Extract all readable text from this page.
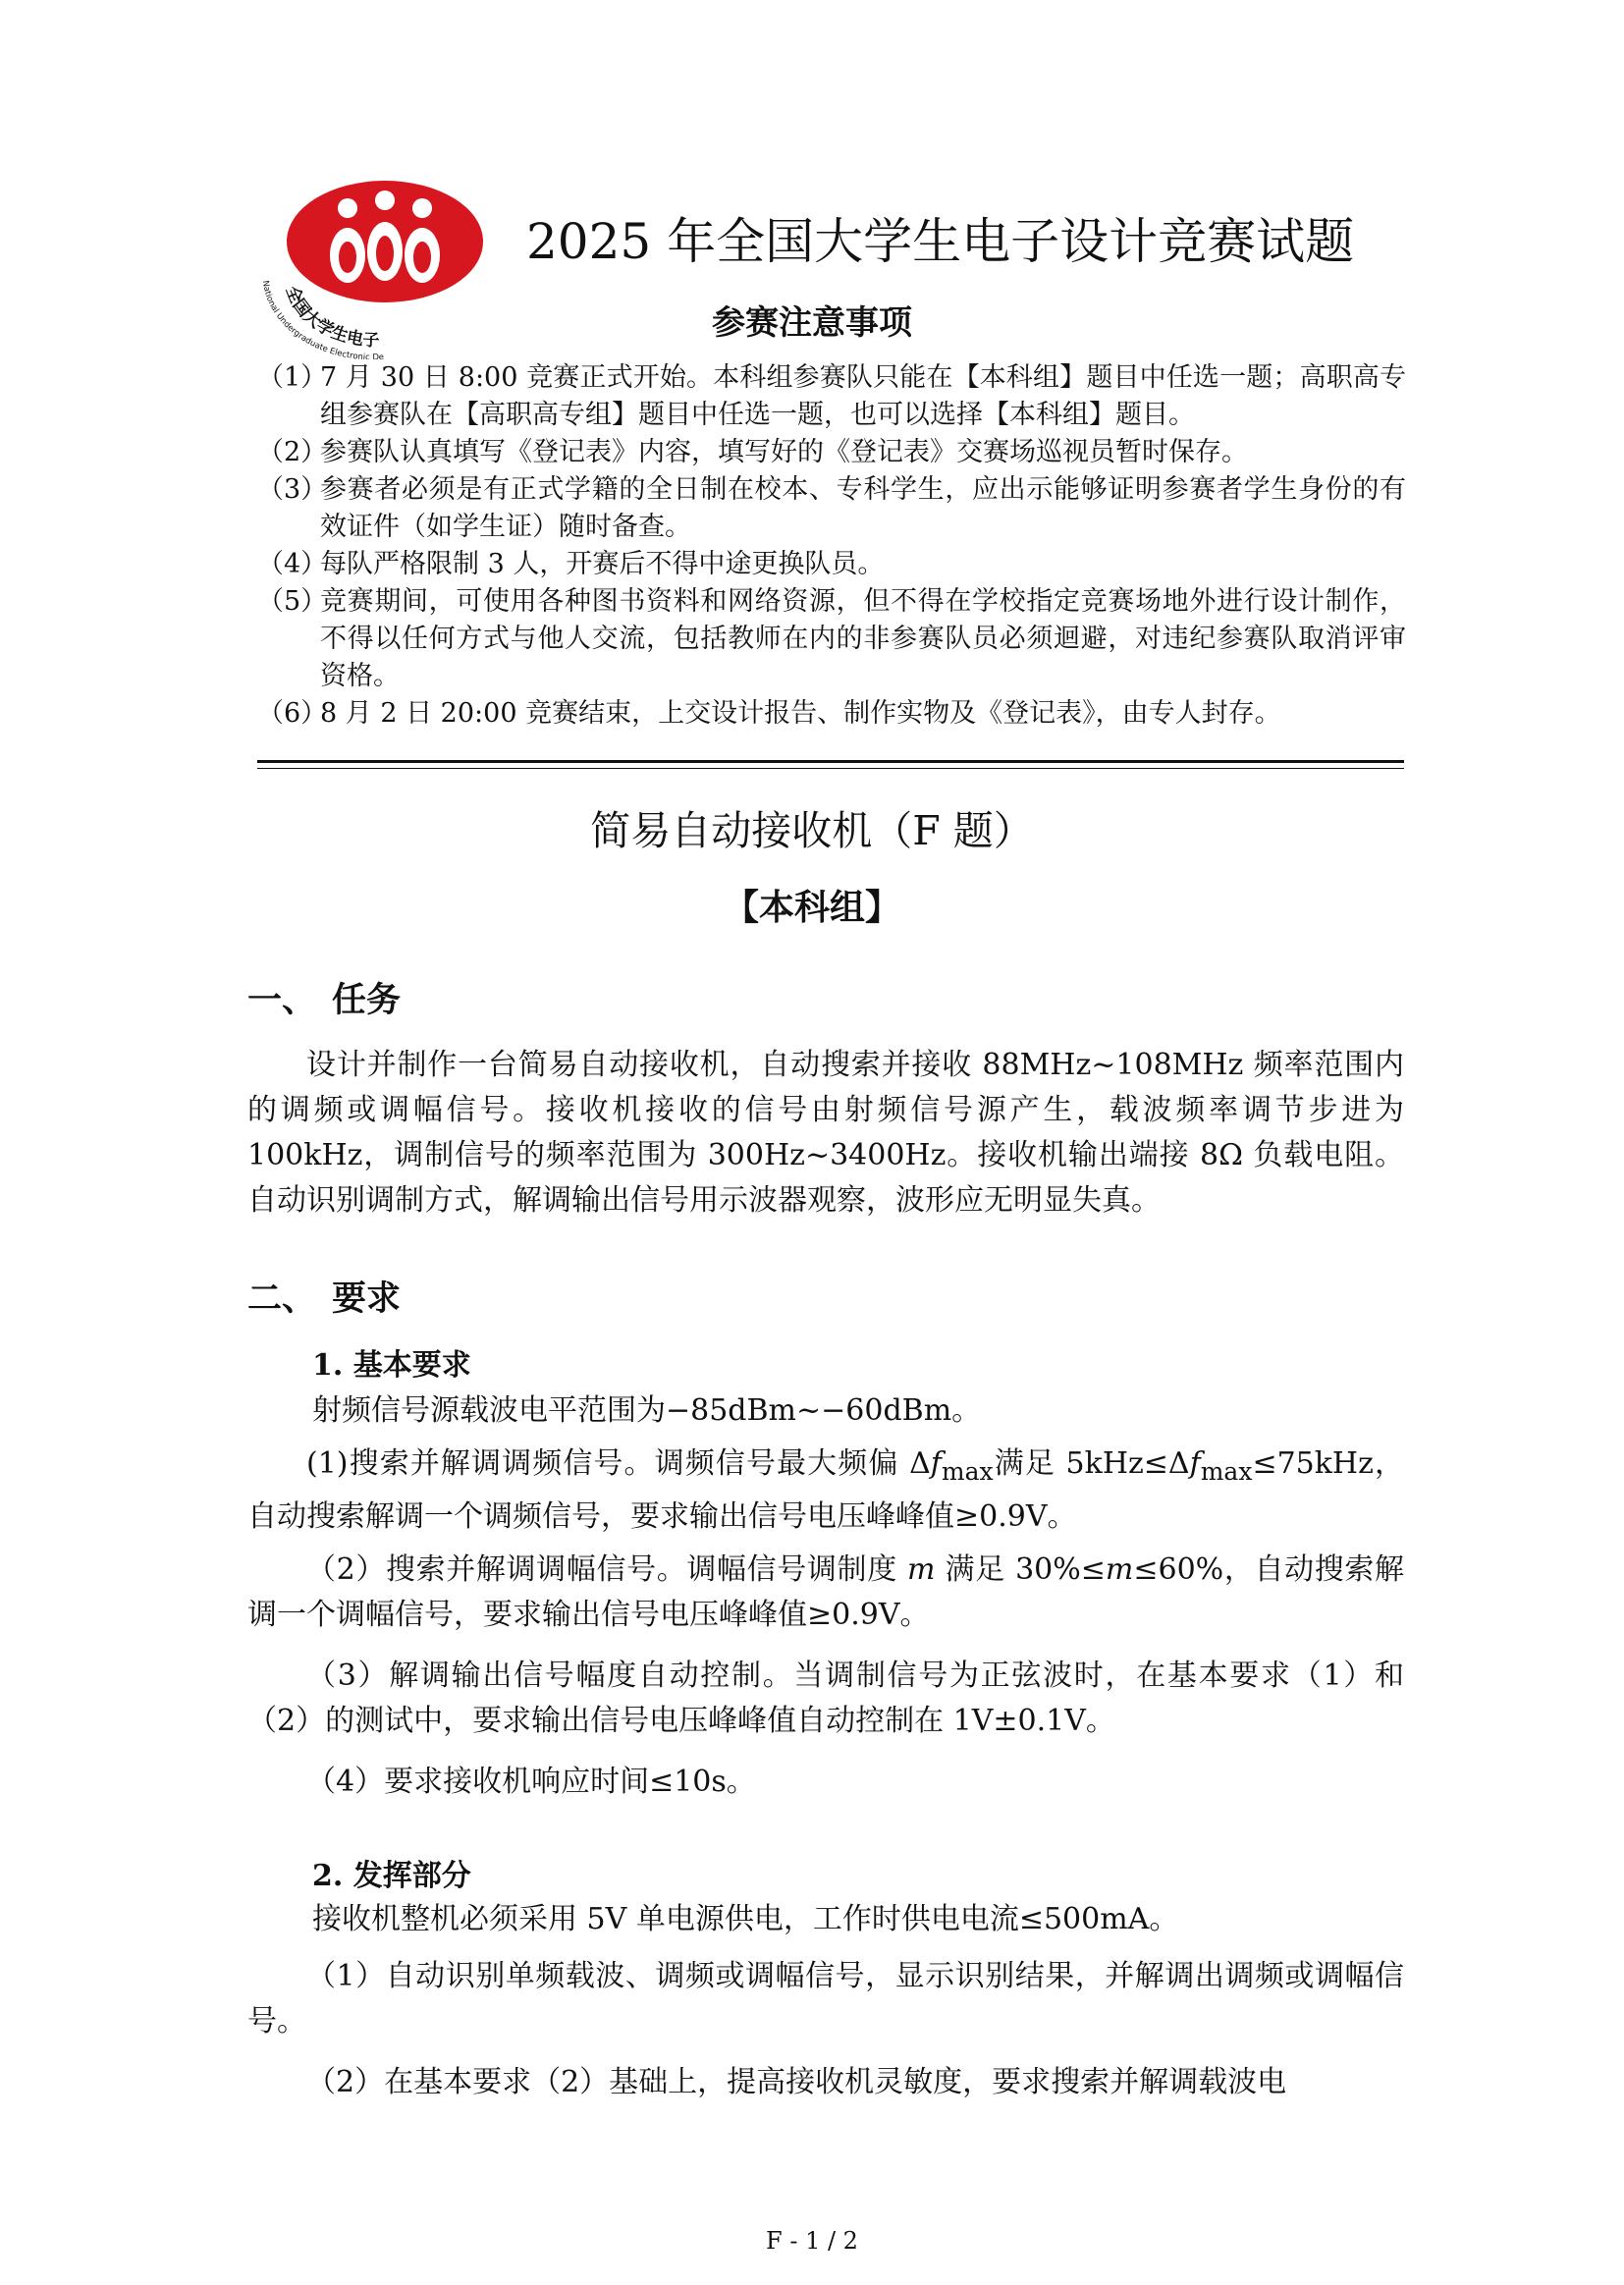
全国大学生电子
National Undergraduate Electronic De
2025 年全国大学生电子设计竞赛试题
参赛注意事项
（1）
7 月 30 日 8:00 竞赛正式开始。本科组参赛队只能在【本科组】题目中任选一题；高职高专组参赛队在【高职高专组】题目中任选一题，也可以选择【本科组】题目。
（2）
参赛队认真填写《登记表》内容，填写好的《登记表》交赛场巡视员暂时保存。
（3）
参赛者必须是有正式学籍的全日制在校本、专科学生，应出示能够证明参赛者学生身份的有效证件（如学生证）随时备查。
（4）
每队严格限制 3 人，开赛后不得中途更换队员。
（5）
竞赛期间，可使用各种图书资料和网络资源，但不得在学校指定竞赛场地外进行设计制作，不得以任何方式与他人交流，包括教师在内的非参赛队员必须迴避，对违纪参赛队取消评审资格。
（6）
8 月 2 日 20:00 竞赛结束，上交设计报告、制作实物及《登记表》，由专人封存。
简易自动接收机（F 题）
【本科组】
一、 任务

设计并制作一台简易自动接收机，自动搜索并接收 88MHz~108MHz 频率范围内的调频或调幅信号。接收机接收的信号由射频信号源产生，载波频率调节步进为 100kHz，调制信号的频率范围为 300Hz~3400Hz。接收机输出端接 8Ω 负载电阻。自动识别调制方式，解调输出信号用示波器观察，波形应无明显失真。

二、 要求
1. 基本要求

射频信号源载波电平范围为−85dBm~−60dBm。

(1)搜索并解调调频信号。调频信号最大频偏 $\Delta f_{max}$满足 $5kHz\le\Delta f_{max}\le 75kHz$，自动搜索解调一个调频信号，要求输出信号电压峰峰值≥0.9V。

（2）搜索并解调调幅信号。调幅信号调制度 m 满足 30%≤m≤60%，自动搜索解调一个调幅信号，要求输出信号电压峰峰值≥0.9V。

（3）解调输出信号幅度自动控制。当调制信号为正弦波时，在基本要求（1）和（2）的测试中，要求输出信号电压峰峰值自动控制在 1V±0.1V。

（4）要求接收机响应时间≤10s。

2. 发挥部分

接收机整机必须采用 5V 单电源供电，工作时供电电流≤500mA。

（1）自动识别单频载波、调频或调幅信号，显示识别结果，并解调出调频或调幅信号。

（2）在基本要求（2）基础上，提高接收机灵敏度，要求搜索并解调载波电

F - 1 / 2
